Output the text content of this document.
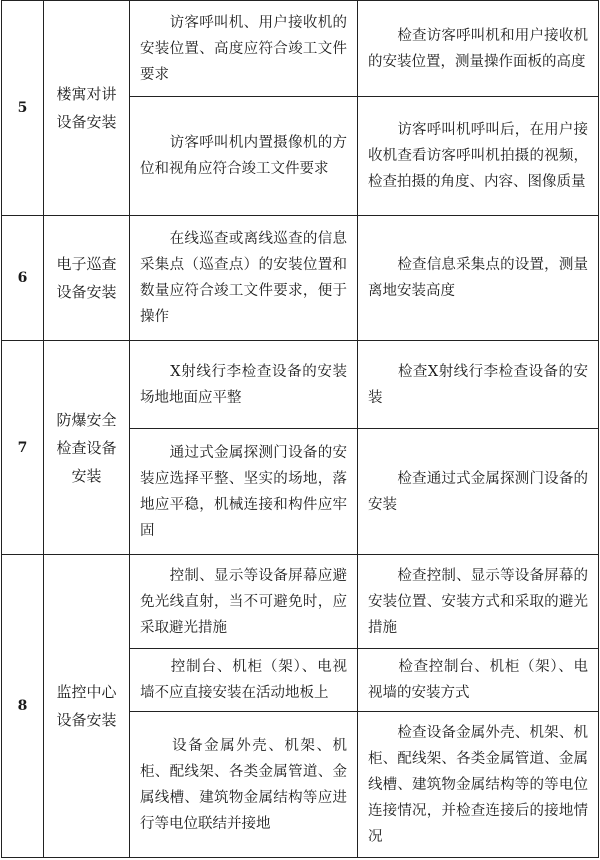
5	楼寓对讲设备安装	　　访客呼叫机、用户接收机的安装位置、高度应符合竣工文件要求	　　检查访客呼叫机和用户接收机的安装位置，测量操作面板的高度
		　　访客呼叫机内置摄像机的方位和视角应符合竣工文件要求	　　访客呼叫机呼叫后，在用户接收机查看访客呼叫机拍摄的视频，检查拍摄的角度、内容、图像质量
6	电子巡查设备安装	　　在线巡查或离线巡查的信息采集点（巡查点）的安装位置和数量应符合竣工文件要求，便于操作	　　检查信息采集点的设置，测量离地安装高度
7	防爆安全检查设备安装	　　X射线行李检查设备的安装场地地面应平整	　　检查X射线行李检查设备的安装
		　　通过式金属探测门设备的安装应选择平整、坚实的场地，落地应平稳，机械连接和构件应牢固	　　检查通过式金属探测门设备的安装
8	监控中心设备安装	　　控制、显示等设备屏幕应避免光线直射，当不可避免时，应采取避光措施	　　检查控制、显示等设备屏幕的安装位置、安装方式和采取的避光措施
		　　控制台、机柜（架）、电视墙不应直接安装在活动地板上	　　检查控制台、机柜（架）、电视墙的安装方式
		　　设备金属外壳、机架、机柜、配线架、各类金属管道、金属线槽、建筑物金属结构等应进行等电位联结并接地	　　检查设备金属外壳、机架、机柜、配线架、各类金属管道、金属线槽、建筑物金属结构等的等电位连接情况，并检查连接后的接地情况
